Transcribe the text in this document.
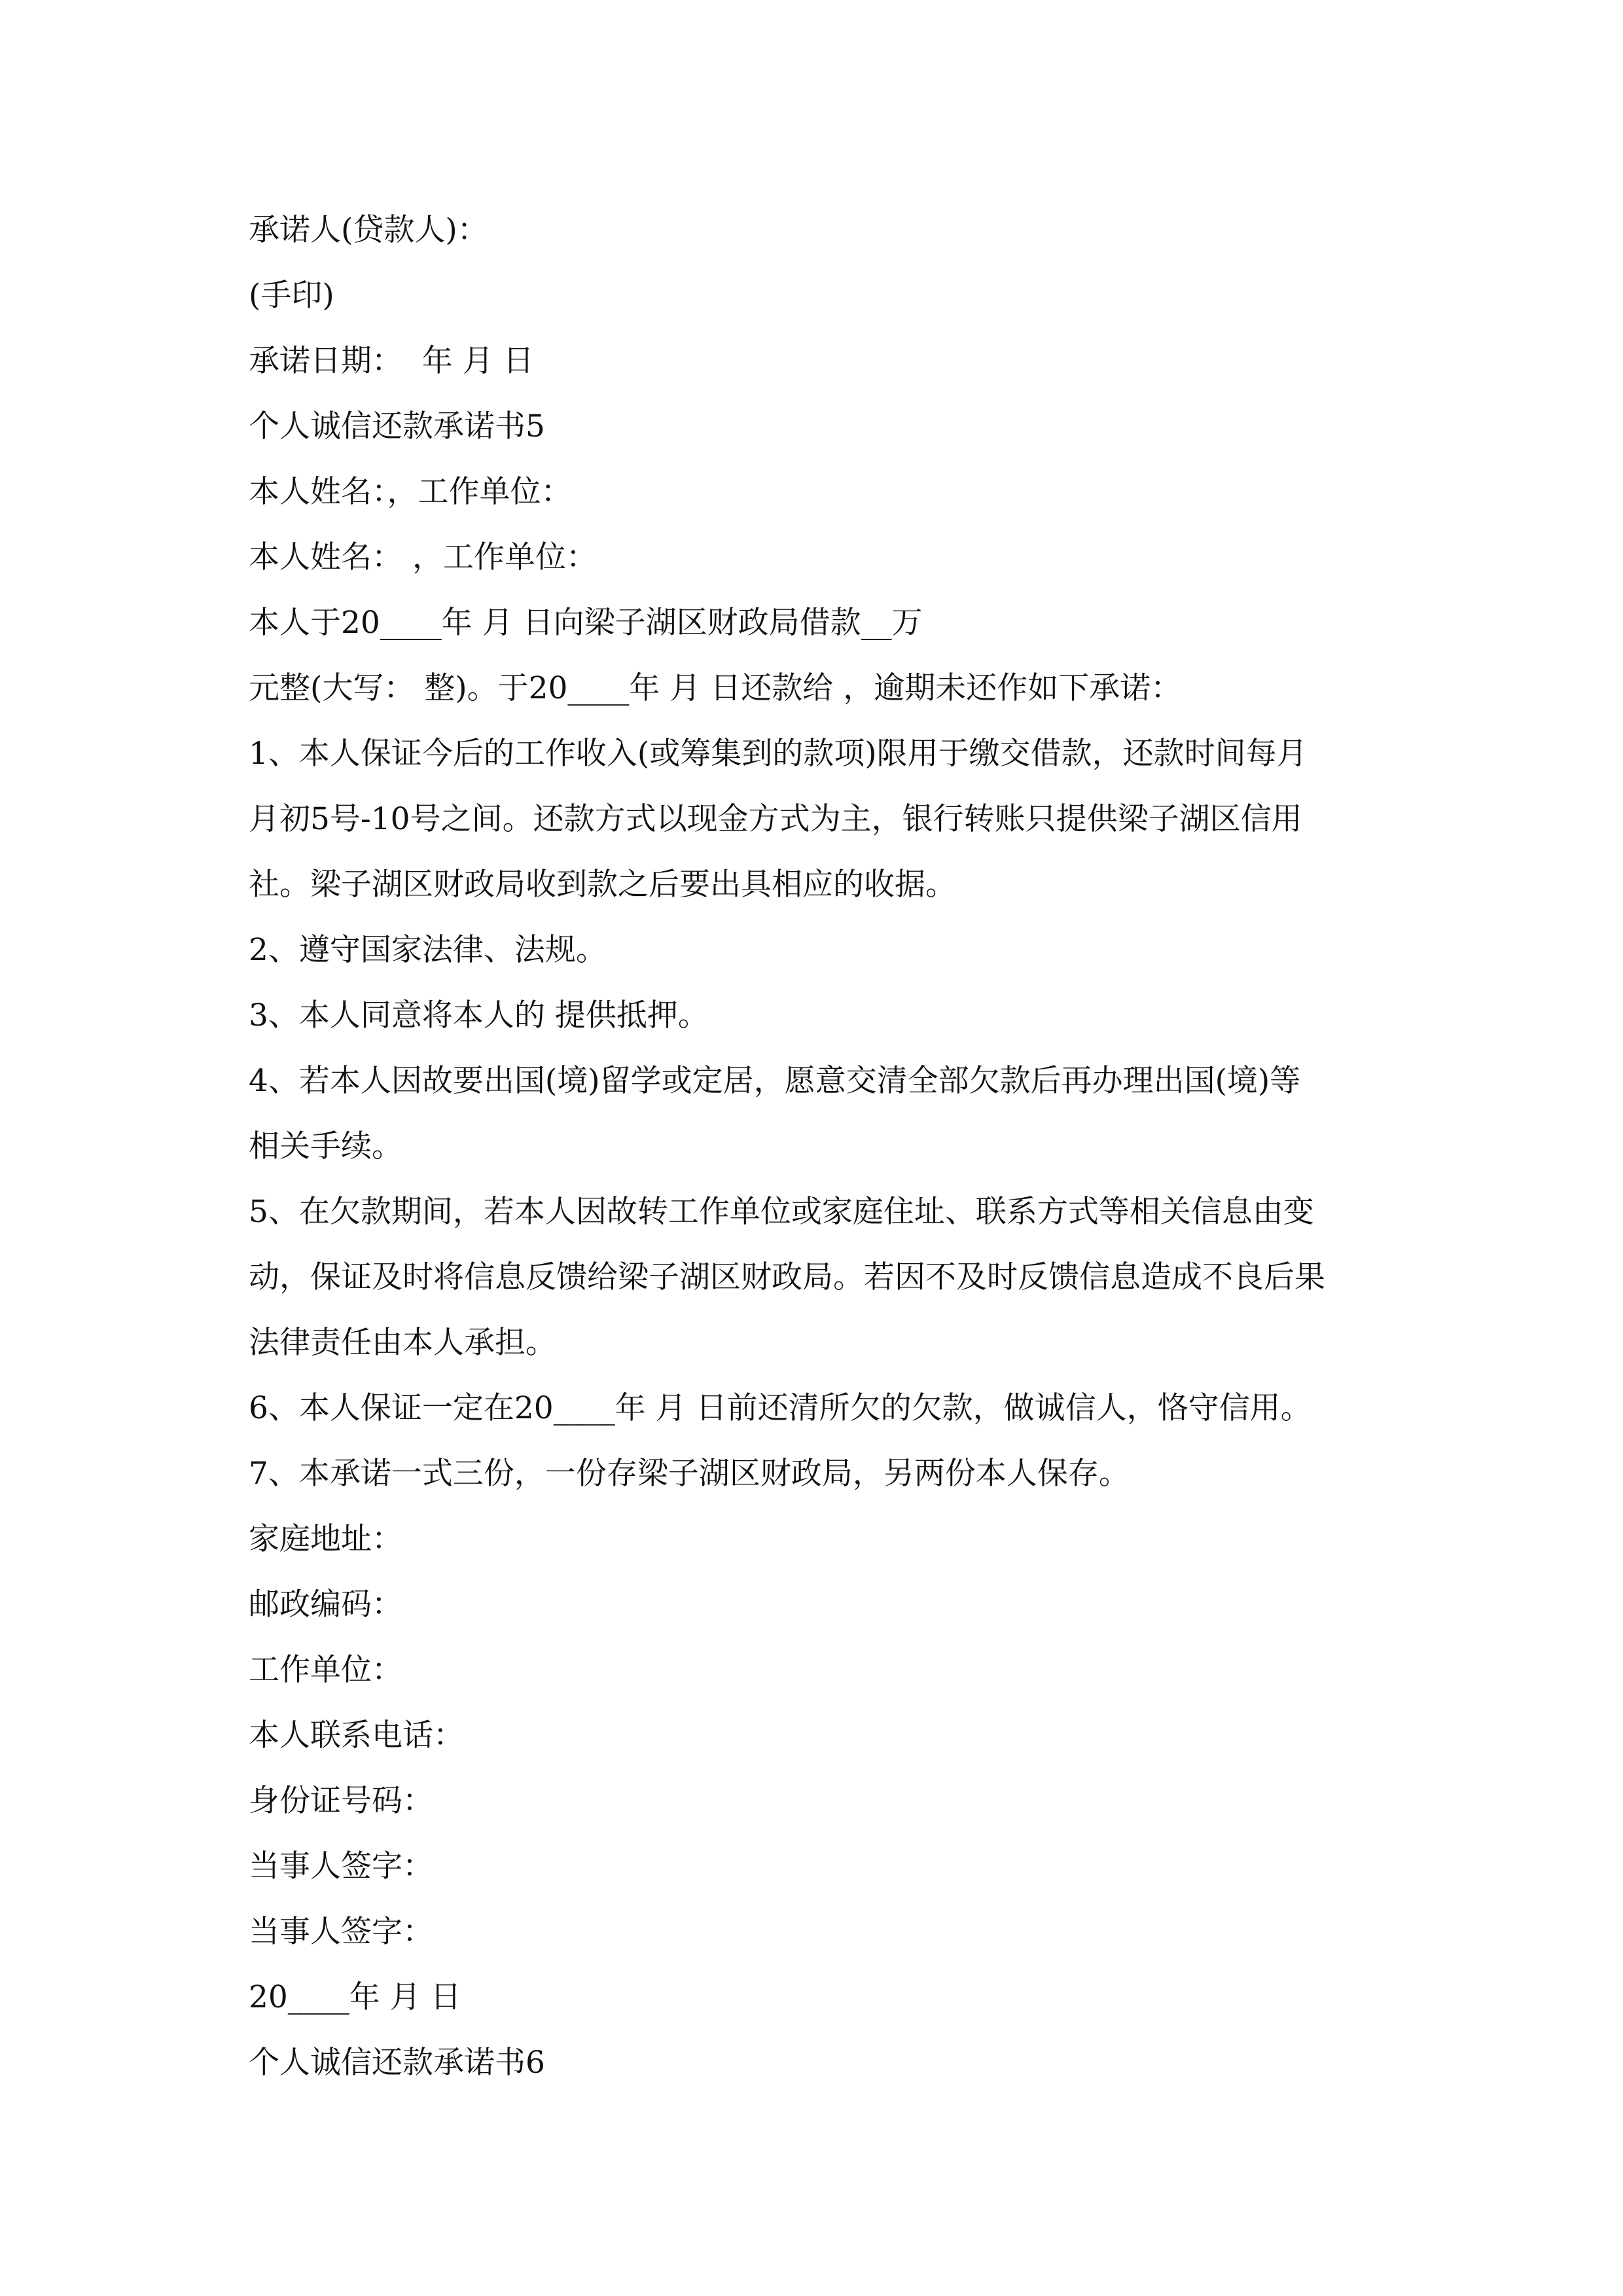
承诺人(贷款人)：

(手印)

承诺日期：  年 月 日

个人诚信还款承诺书5

本人姓名：，工作单位：

本人姓名： ，工作单位：

本人于20____年 月 日向梁子湖区财政局借款__万

元整(大写： 整)。于20____年 月 日还款给 ，逾期未还作如下承诺：

1、本人保证今后的工作收入(或筹集到的款项)限用于缴交借款，还款时间每月

月初5号-10号之间。还款方式以现金方式为主，银行转账只提供梁子湖区信用

社。梁子湖区财政局收到款之后要出具相应的收据。

2、遵守国家法律、法规。

3、本人同意将本人的 提供抵押。

4、若本人因故要出国(境)留学或定居，愿意交清全部欠款后再办理出国(境)等

相关手续。

5、在欠款期间，若本人因故转工作单位或家庭住址、联系方式等相关信息由变

动，保证及时将信息反馈给梁子湖区财政局。若因不及时反馈信息造成不良后果

法律责任由本人承担。

6、本人保证一定在20____年 月 日前还清所欠的欠款，做诚信人，恪守信用。

7、本承诺一式三份，一份存梁子湖区财政局，另两份本人保存。

家庭地址：

邮政编码：

工作单位：

本人联系电话：

身份证号码：

当事人签字：

当事人签字：

20____年 月 日

个人诚信还款承诺书6
